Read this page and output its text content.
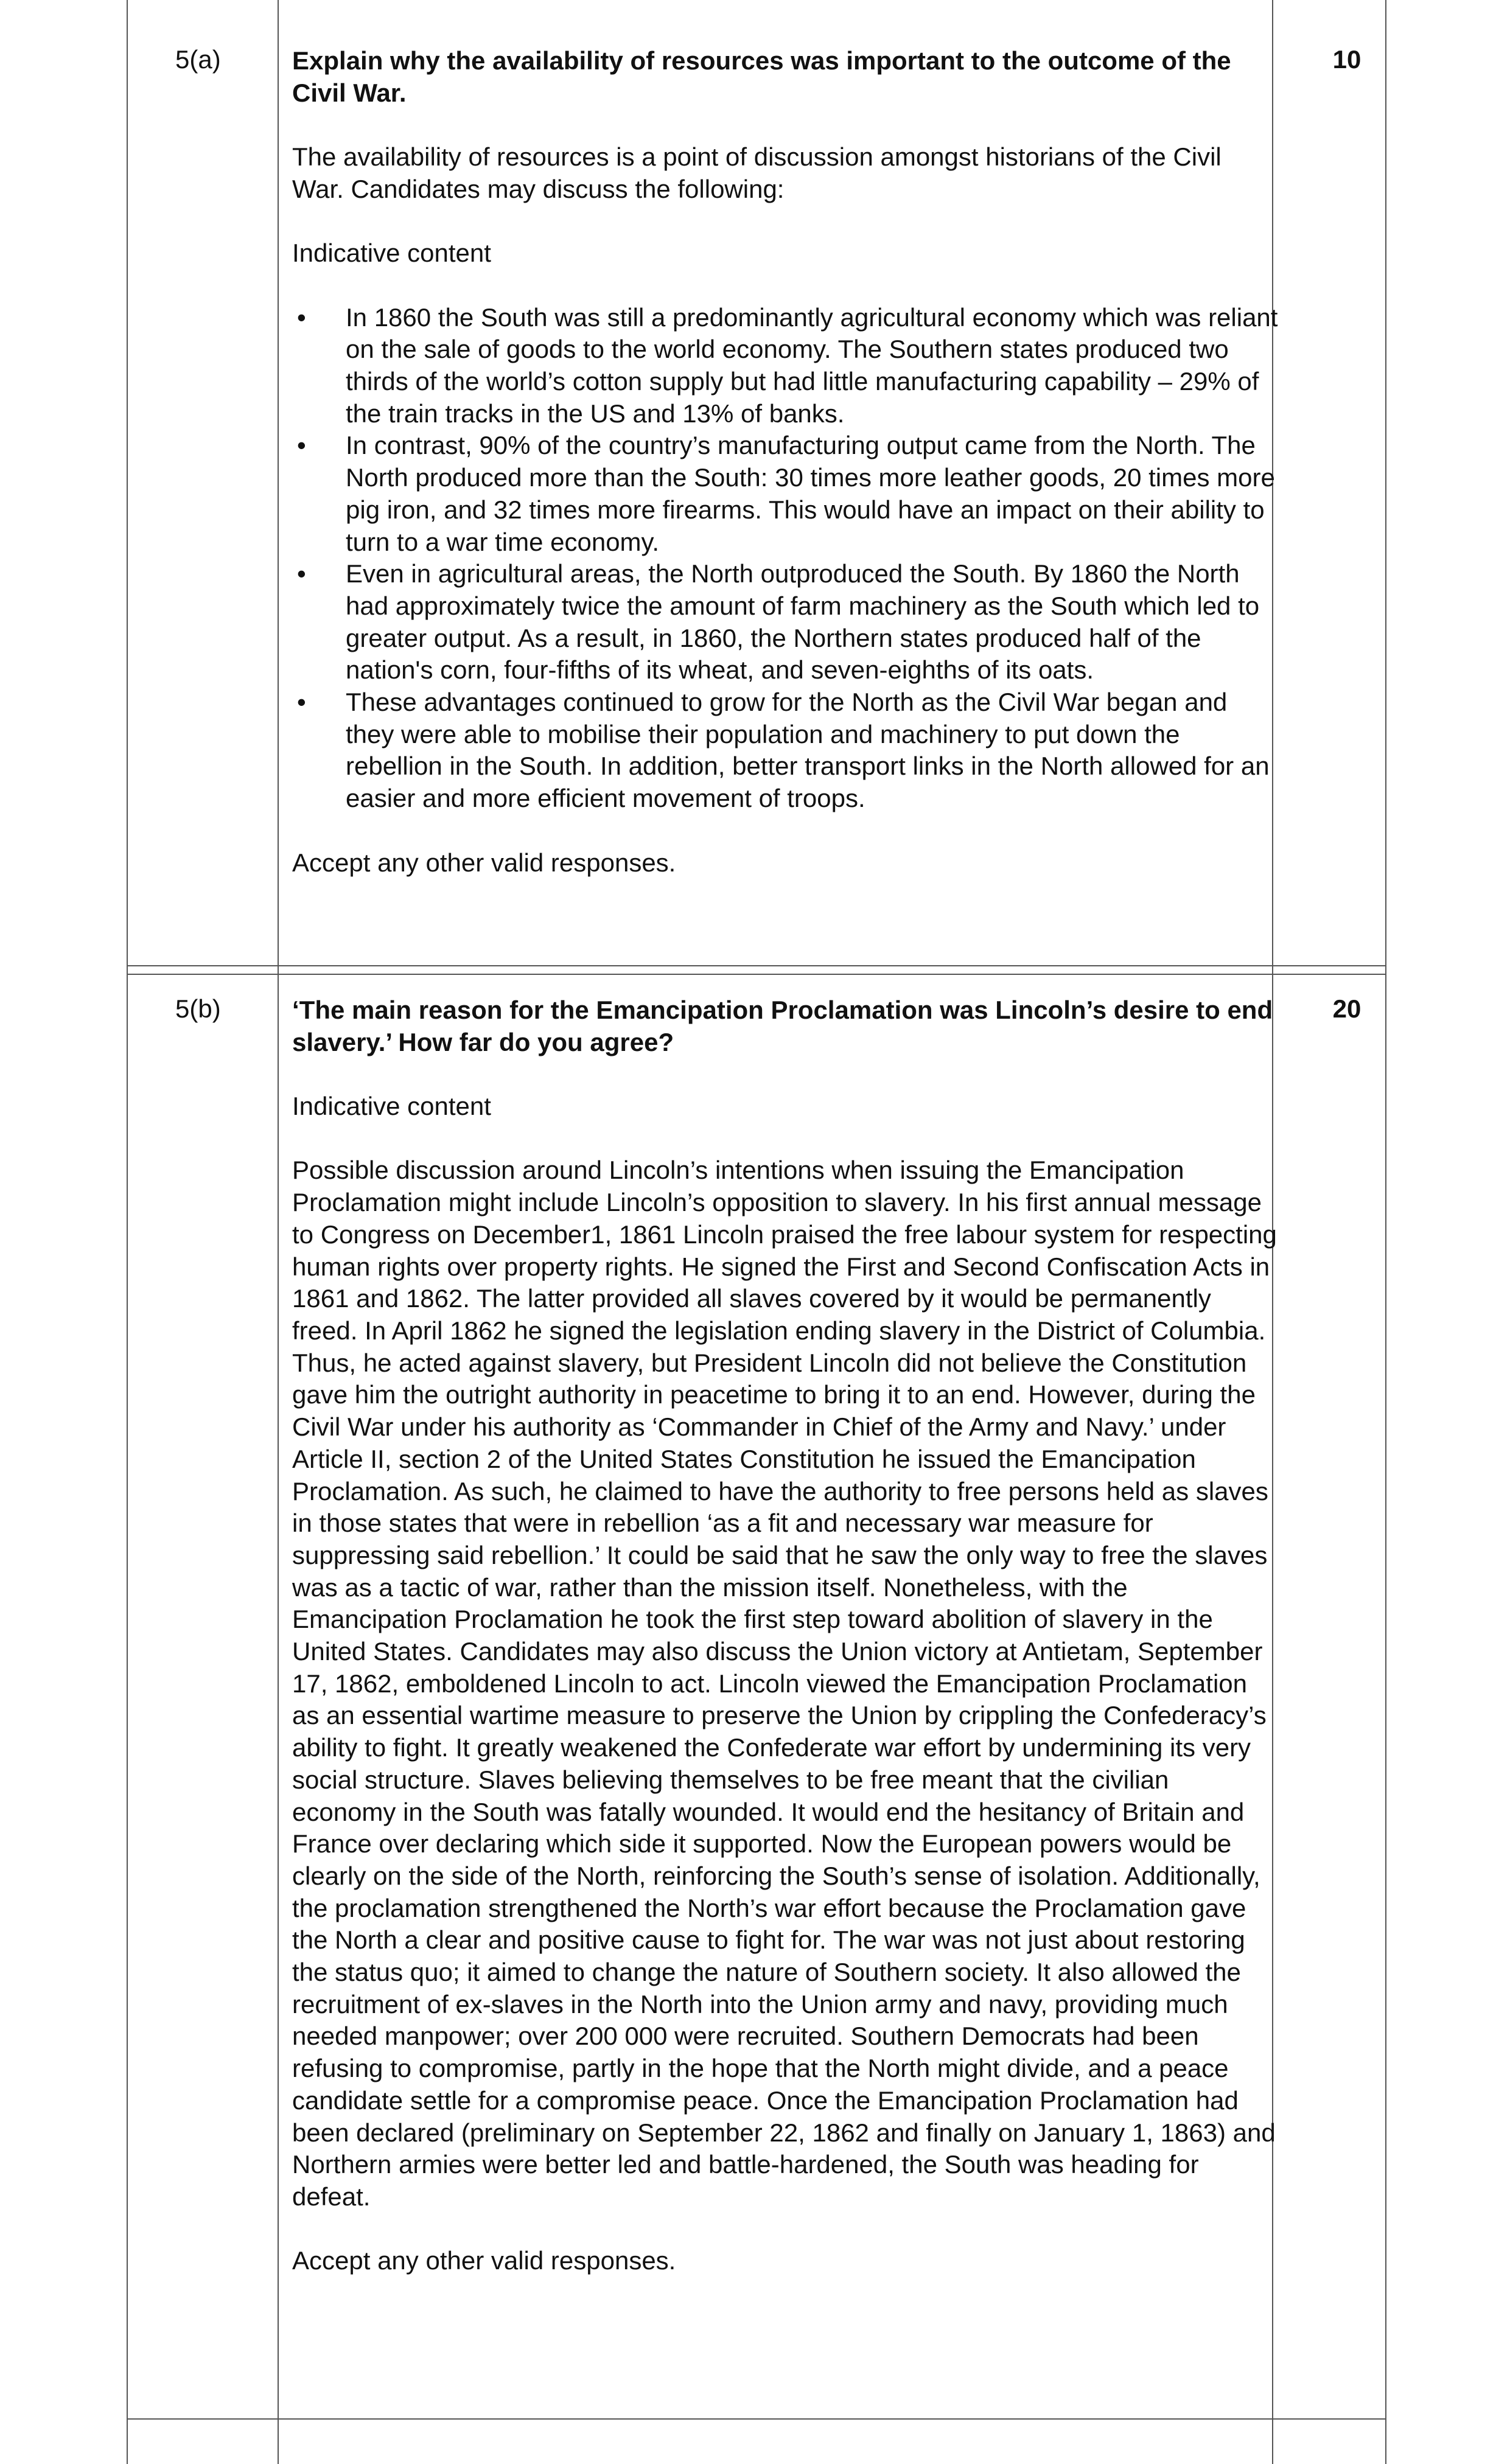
5(a)	10

Explain why the availability of resources was important to the outcome of the Civil War.

The availability of resources is a point of discussion amongst historians of the Civil War. Candidates may discuss the following:

Indicative content

• In 1860 the South was still a predominantly agricultural economy which was reliant on the sale of goods to the world economy. The Southern states produced two thirds of the world’s cotton supply but had little manufacturing capability – 29% of the train tracks in the US and 13% of banks.
• In contrast, 90% of the country’s manufacturing output came from the North. The North produced more than the South: 30 times more leather goods, 20 times more pig iron, and 32 times more firearms. This would have an impact on their ability to turn to a war time economy.
• Even in agricultural areas, the North outproduced the South. By 1860 the North had approximately twice the amount of farm machinery as the South which led to greater output. As a result, in 1860, the Northern states produced half of the nation's corn, four-fifths of its wheat, and seven-eighths of its oats.
• These advantages continued to grow for the North as the Civil War began and they were able to mobilise their population and machinery to put down the rebellion in the South. In addition, better transport links in the North allowed for an easier and more efficient movement of troops.

Accept any other valid responses.

5(b)	20

‘The main reason for the Emancipation Proclamation was Lincoln’s desire to end slavery.’ How far do you agree?

Indicative content

Possible discussion around Lincoln’s intentions when issuing the Emancipation Proclamation might include Lincoln’s opposition to slavery. In his first annual message to Congress on December1, 1861 Lincoln praised the free labour system for respecting human rights over property rights. He signed the First and Second Confiscation Acts in 1861 and 1862. The latter provided all slaves covered by it would be permanently freed. In April 1862 he signed the legislation ending slavery in the District of Columbia. Thus, he acted against slavery, but President Lincoln did not believe the Constitution gave him the outright authority in peacetime to bring it to an end. However, during the Civil War under his authority as ‘Commander in Chief of the Army and Navy.’ under Article II, section 2 of the United States Constitution he issued the Emancipation Proclamation. As such, he claimed to have the authority to free persons held as slaves in those states that were in rebellion ‘as a fit and necessary war measure for suppressing said rebellion.’ It could be said that he saw the only way to free the slaves was as a tactic of war, rather than the mission itself. Nonetheless, with the Emancipation Proclamation he took the first step toward abolition of slavery in the United States. Candidates may also discuss the Union victory at Antietam, September 17, 1862, emboldened Lincoln to act. Lincoln viewed the Emancipation Proclamation as an essential wartime measure to preserve the Union by crippling the Confederacy’s ability to fight. It greatly weakened the Confederate war effort by undermining its very social structure. Slaves believing themselves to be free meant that the civilian economy in the South was fatally wounded. It would end the hesitancy of Britain and France over declaring which side it supported. Now the European powers would be clearly on the side of the North, reinforcing the South’s sense of isolation. Additionally, the proclamation strengthened the North’s war effort because the Proclamation gave the North a clear and positive cause to fight for. The war was not just about restoring the status quo; it aimed to change the nature of Southern society. It also allowed the recruitment of ex-slaves in the North into the Union army and navy, providing much needed manpower; over 200 000 were recruited. Southern Democrats had been refusing to compromise, partly in the hope that the North might divide, and a peace candidate settle for a compromise peace. Once the Emancipation Proclamation had been declared (preliminary on September 22, 1862 and finally on January 1, 1863) and Northern armies were better led and battle-hardened, the South was heading for defeat.

Accept any other valid responses.
